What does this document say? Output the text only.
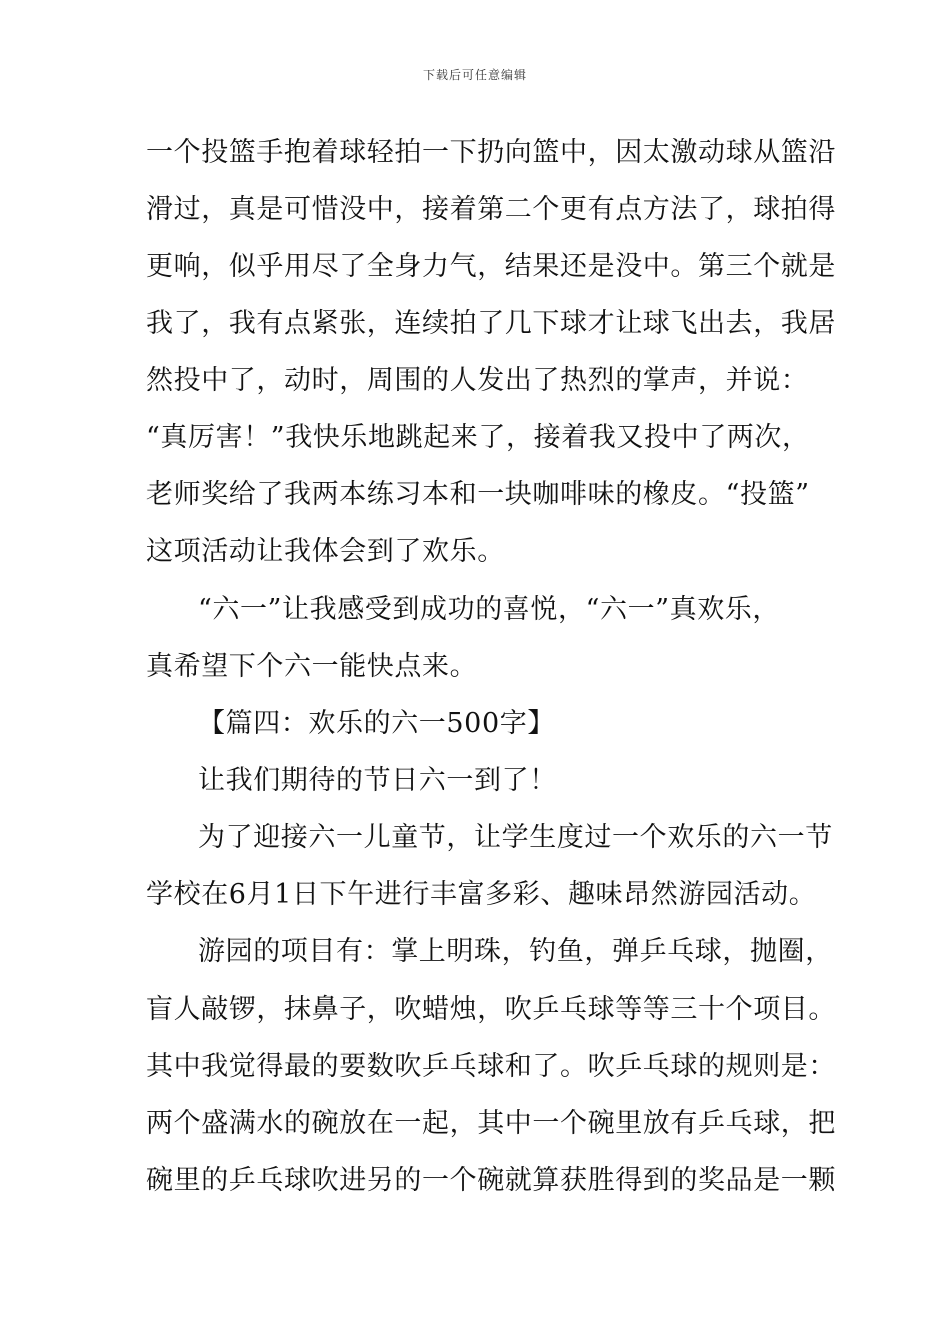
下载后可任意编辑
一个投篮手抱着球轻拍一下扔向篮中，因太激动球从篮沿
滑过，真是可惜没中，接着第二个更有点方法了，球拍得
更响，似乎用尽了全身力气，结果还是没中。第三个就是
我了，我有点紧张，连续拍了几下球才让球飞出去，我居
然投中了，动时，周围的人发出了热烈的掌声，并说：
“真厉害！”我快乐地跳起来了，接着我又投中了两次，
老师奖给了我两本练习本和一块咖啡味的橡皮。“投篮”
这项活动让我体会到了欢乐。
“六一”让我感受到成功的喜悦，“六一”真欢乐，
真希望下个六一能快点来。
【篇四：欢乐的六一500字】
让我们期待的节日六一到了！
为了迎接六一儿童节，让学生度过一个欢乐的六一节
学校在6月1日下午进行丰富多彩、趣味昂然游园活动。
游园的项目有：掌上明珠，钓鱼，弹乒乓球，抛圈，
盲人敲锣，抹鼻子，吹蜡烛，吹乒乓球等等三十个项目。
其中我觉得最的要数吹乒乓球和了。吹乒乓球的规则是：
两个盛满水的碗放在一起，其中一个碗里放有乒乓球，把
碗里的乒乓球吹进另的一个碗就算获胜得到的奖品是一颗
